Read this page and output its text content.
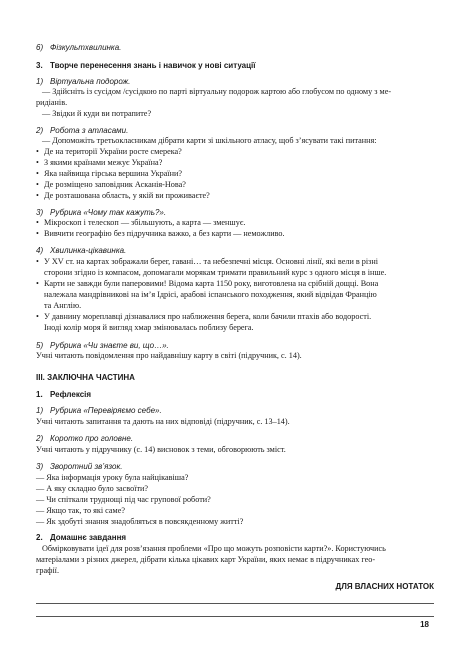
6) Фізкультхвилинка.
3. Творче перенесення знань і навичок у нові ситуації
1) Віртуальна подорож.
— Здійсніть із сусідом /сусідкою по парті віртуальну подорож картою або глобусом по одному з ме-
ридіанів.
— Звідки й куди ви потрапите?
2) Робота з атласами.
— Допоможіть третьокласникам дібрати карти зі шкільного атласу, щоб з’ясувати такі питання:
• Де на території України росте смерека?
• З якими країнами межує Україна?
• Яка найвища гірська вершина України?
• Де розміщено заповідник Асканія-Нова?
• Де розташована область, у якій ви проживаєте?
3) Рубрика «Чому так кажуть?».
• Мікроскоп і телескоп — збільшують, а карта — зменшує.
• Вивчити географію без підручника важко, а без карти — неможливо.
4) Хвилинка-цікавинка.
• У XV ст. на картах зображали берег, гавані… та небезпечні місця. Основні лінії, які вели в різні
сторони згідно із компасом, допомагали морякам тримати правильний курс з одного місця в інше.
• Карти не завжди були паперовими! Відома карта 1150 року, виготовлена на срібній дощці. Вона
належала мандрівникові на ім’я Ідрісі, арабові іспанського походження, який відвідав Францію
та Англію.
• У давнину мореплавці дізнавалися про наближення берега, коли бачили птахів або водорості.
Іноді колір моря й вигляд хмар змінювалась поблизу берега.
5) Рубрика «Чи знаєте ви, що…».
Учні читають повідомлення про найдавнішу карту в світі (підручник, с. 14).
III. ЗАКЛЮЧНА ЧАСТИНА
1. Рефлексія
1) Рубрика «Перевіряємо себе».
Учні читають запитання та дають на них відповіді (підручник, с. 13–14).
2) Коротко про головне.
Учні читають у підручнику (с. 14) висновок з теми, обговорюють зміст.
3) Зворотний зв’язок.
— Яка інформація уроку була найцікавіша?
— А яку складно було засвоїти?
— Чи спіткали труднощі під час групової роботи?
— Якщо так, то які саме?
— Як здобуті знання знадобляться в повсякденному житті?
2. Домашнє завдання
Обмірковувати ідеї для розв’язання проблеми «Про що можуть розповісти карти?». Користуючись
матеріалами з різних джерел, дібрати кілька цікавих карт України, яких немає в підручниках гео-
графії.
ДЛЯ ВЛАСНИХ НОТАТОК
18
